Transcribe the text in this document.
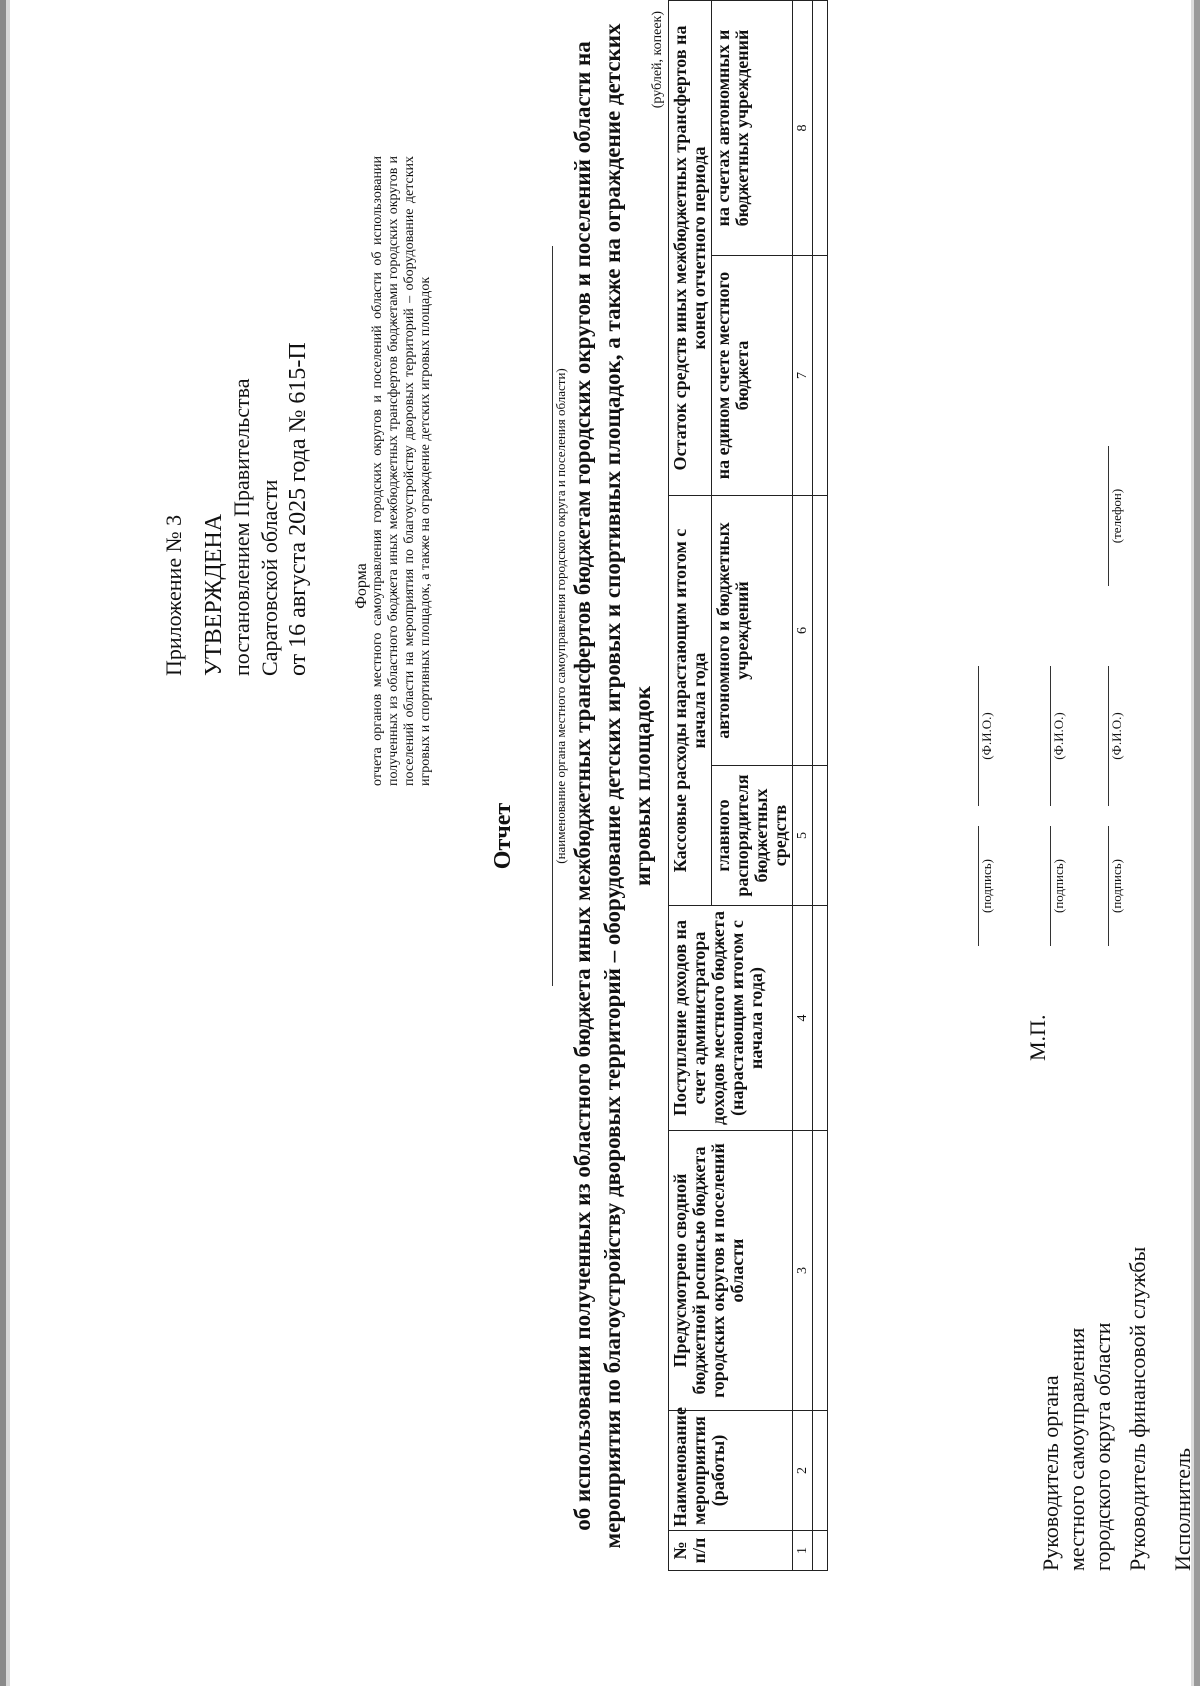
Приложение № 3 УТВЕРЖДЕНА постановлением Правительства Саратовской области от 16 августа 2025 года № 615-П	Форма отчета органов местного самоуправления городских округов и поселений области об использовании полученных из областного бюджета иных межбюджетных трансфертов бюджетами городских округов и поселений области на мероприятия по благоустройству дворовых территорий – оборудование детских игровых и спортивных площадок, а также на ограждение детских игровых площадок
Отчет	(наименование органа местного самоуправления городского округа и поселения области) об использовании полученных из областного бюджета иных межбюджетных трансфертов бюджетам городских округов и поселений области на мероприятия по благоустройству дворовых территорий – оборудование детских игровых и спортивных площадок, а также на ограждение детских игровых площадок
(рублей, копеек)
№ п/п	Наименование мероприятия (работы)	Предусмотрено сводной бюджетной росписью бюджета городских округов и поселений области	Поступление доходов на счет администратора доходов местного бюджета (нарастающим итогом с начала года)	Кассовые расходы нарастающим итогом с начала года		Остаток средств иных межбюджетных трансфертов на конец отчетного периода	
				главного распорядителя бюджетных средств	автономного и бюджетных учреждений	на едином счете местного бюджета	на счетах автономных и бюджетных учреждений
1	2	3	4	5	6	7	8

Руководитель органа местного самоуправления городского округа области
М.П.
(подпись)
(Ф.И.О.)
Руководитель финансовой службы
(подпись)
(Ф.И.О.)
Исполнитель
(подпись)
(Ф.И.О.)
(телефон)
